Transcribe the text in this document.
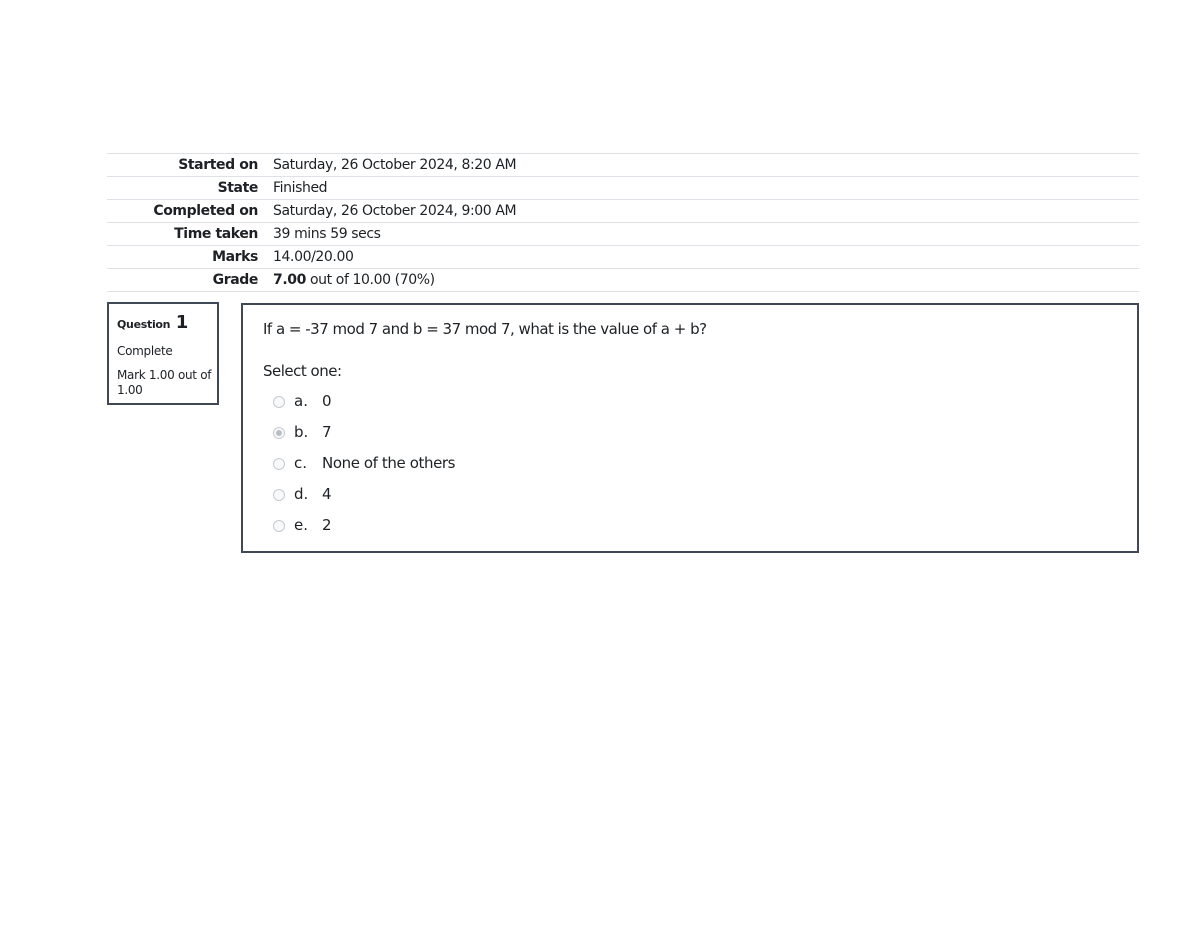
Started on	Saturday, 26 October 2024, 8:20 AM
State	Finished
Completed on	Saturday, 26 October 2024, 9:00 AM
Time taken	39 mins 59 secs
Marks	14.00/20.00
Grade	7.00 out of 10.00 (70%)
Question 1
Complete
Mark 1.00 out of 1.00
If a = -37 mod 7 and b = 37 mod 7, what is the value of a + b?
Select one:
a. 0
b. 7
c. None of the others
d. 4
e. 2
